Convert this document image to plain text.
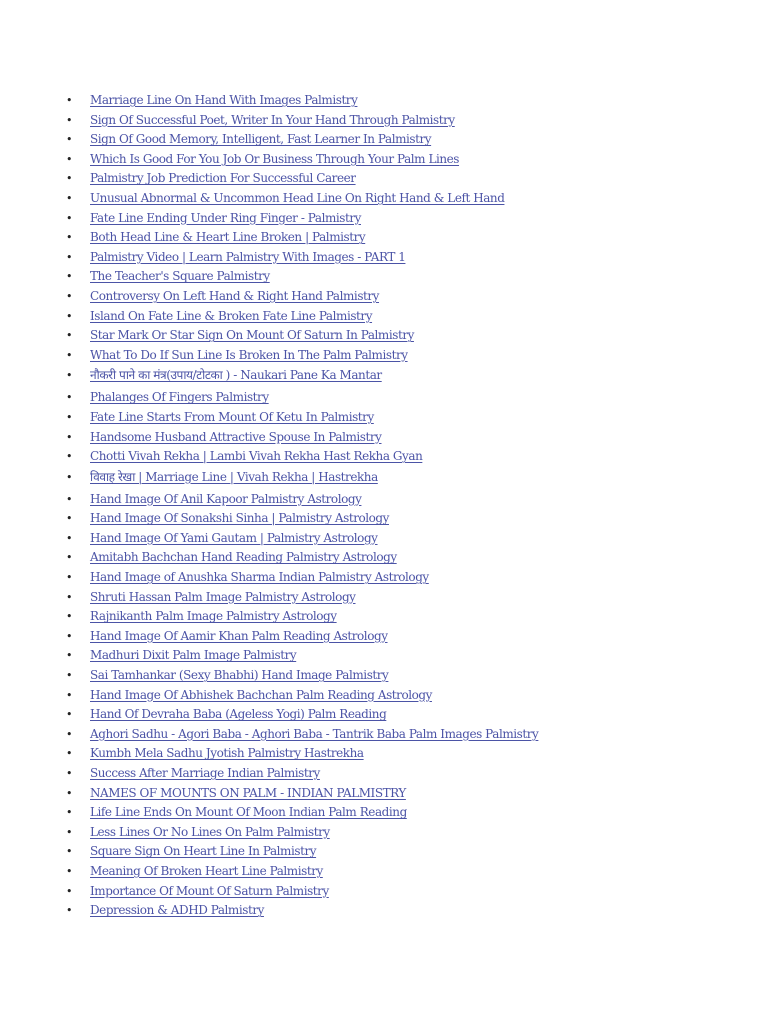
• Marriage Line On Hand With Images Palmistry
• Sign Of Successful Poet, Writer In Your Hand Through Palmistry
• Sign Of Good Memory, Intelligent, Fast Learner In Palmistry
• Which Is Good For You Job Or Business Through Your Palm Lines
• Palmistry Job Prediction For Successful Career
• Unusual Abnormal & Uncommon Head Line On Right Hand & Left Hand
• Fate Line Ending Under Ring Finger - Palmistry
• Both Head Line & Heart Line Broken | Palmistry
• Palmistry Video | Learn Palmistry With Images - PART 1
• The Teacher's Square Palmistry
• Controversy On Left Hand & Right Hand Palmistry
• Island On Fate Line & Broken Fate Line Palmistry
• Star Mark Or Star Sign On Mount Of Saturn In Palmistry
• What To Do If Sun Line Is Broken In The Palm Palmistry
• नौकरी पाने का मंत्र(उपाय/टोटका ) - Naukari Pane Ka Mantar
• Phalanges Of Fingers Palmistry
• Fate Line Starts From Mount Of Ketu In Palmistry
• Handsome Husband Attractive Spouse In Palmistry
• Chotti Vivah Rekha | Lambi Vivah Rekha Hast Rekha Gyan
• विवाह रेखा | Marriage Line | Vivah Rekha | Hastrekha
• Hand Image Of Anil Kapoor Palmistry Astrology
• Hand Image Of Sonakshi Sinha | Palmistry Astrology
• Hand Image Of Yami Gautam | Palmistry Astrology
• Amitabh Bachchan Hand Reading Palmistry Astrology
• Hand Image of Anushka Sharma Indian Palmistry Astrology
• Shruti Hassan Palm Image Palmistry Astrology
• Rajnikanth Palm Image Palmistry Astrology
• Hand Image Of Aamir Khan Palm Reading Astrology
• Madhuri Dixit Palm Image Palmistry
• Sai Tamhankar (Sexy Bhabhi) Hand Image Palmistry
• Hand Image Of Abhishek Bachchan Palm Reading Astrology
• Hand Of Devraha Baba (Ageless Yogi) Palm Reading
• Aghori Sadhu - Agori Baba - Aghori Baba - Tantrik Baba Palm Images Palmistry
• Kumbh Mela Sadhu Jyotish Palmistry Hastrekha
• Success After Marriage Indian Palmistry
• NAMES OF MOUNTS ON PALM - INDIAN PALMISTRY
• Life Line Ends On Mount Of Moon Indian Palm Reading
• Less Lines Or No Lines On Palm Palmistry
• Square Sign On Heart Line In Palmistry
• Meaning Of Broken Heart Line Palmistry
• Importance Of Mount Of Saturn Palmistry
• Depression & ADHD Palmistry
